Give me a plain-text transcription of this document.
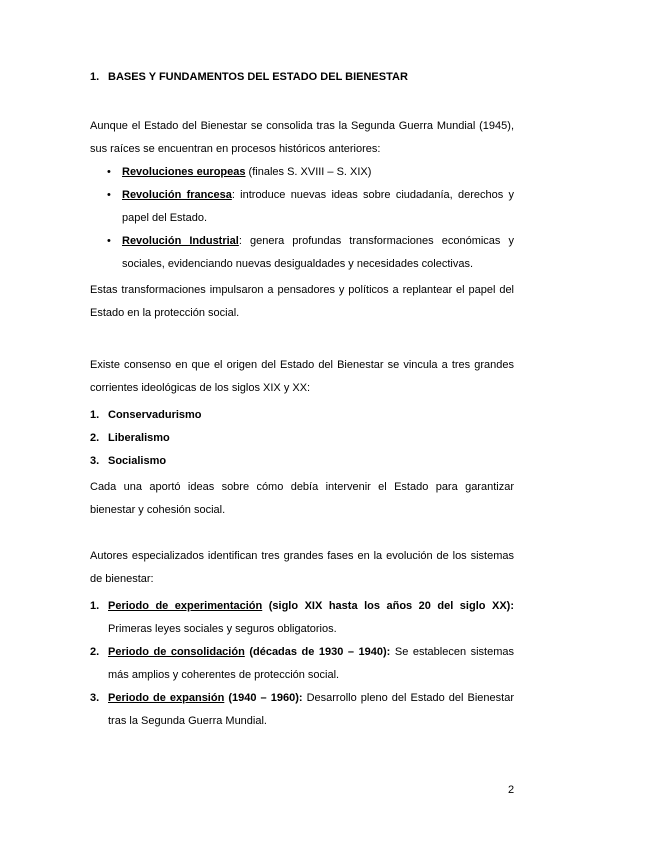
1. BASES Y FUNDAMENTOS DEL ESTADO DEL BIENESTAR

Aunque el Estado del Bienestar se consolida tras la Segunda Guerra Mundial (1945), sus raíces se encuentran en procesos históricos anteriores:

• Revoluciones europeas (finales S. XVIII – S. XIX)
• Revolución francesa: introduce nuevas ideas sobre ciudadanía, derechos y papel del Estado.
• Revolución Industrial: genera profundas transformaciones económicas y sociales, evidenciando nuevas desigualdades y necesidades colectivas.

Estas transformaciones impulsaron a pensadores y políticos a replantear el papel del Estado en la protección social.

Existe consenso en que el origen del Estado del Bienestar se vincula a tres grandes corrientes ideológicas de los siglos XIX y XX:

1. Conservadurismo
2. Liberalismo
3. Socialismo

Cada una aportó ideas sobre cómo debía intervenir el Estado para garantizar bienestar y cohesión social.

Autores especializados identifican tres grandes fases en la evolución de los sistemas de bienestar:

1. Periodo de experimentación (siglo XIX hasta los años 20 del siglo XX): Primeras leyes sociales y seguros obligatorios.
2. Periodo de consolidación (décadas de 1930 – 1940): Se establecen sistemas más amplios y coherentes de protección social.
3. Periodo de expansión (1940 – 1960): Desarrollo pleno del Estado del Bienestar tras la Segunda Guerra Mundial.
2
